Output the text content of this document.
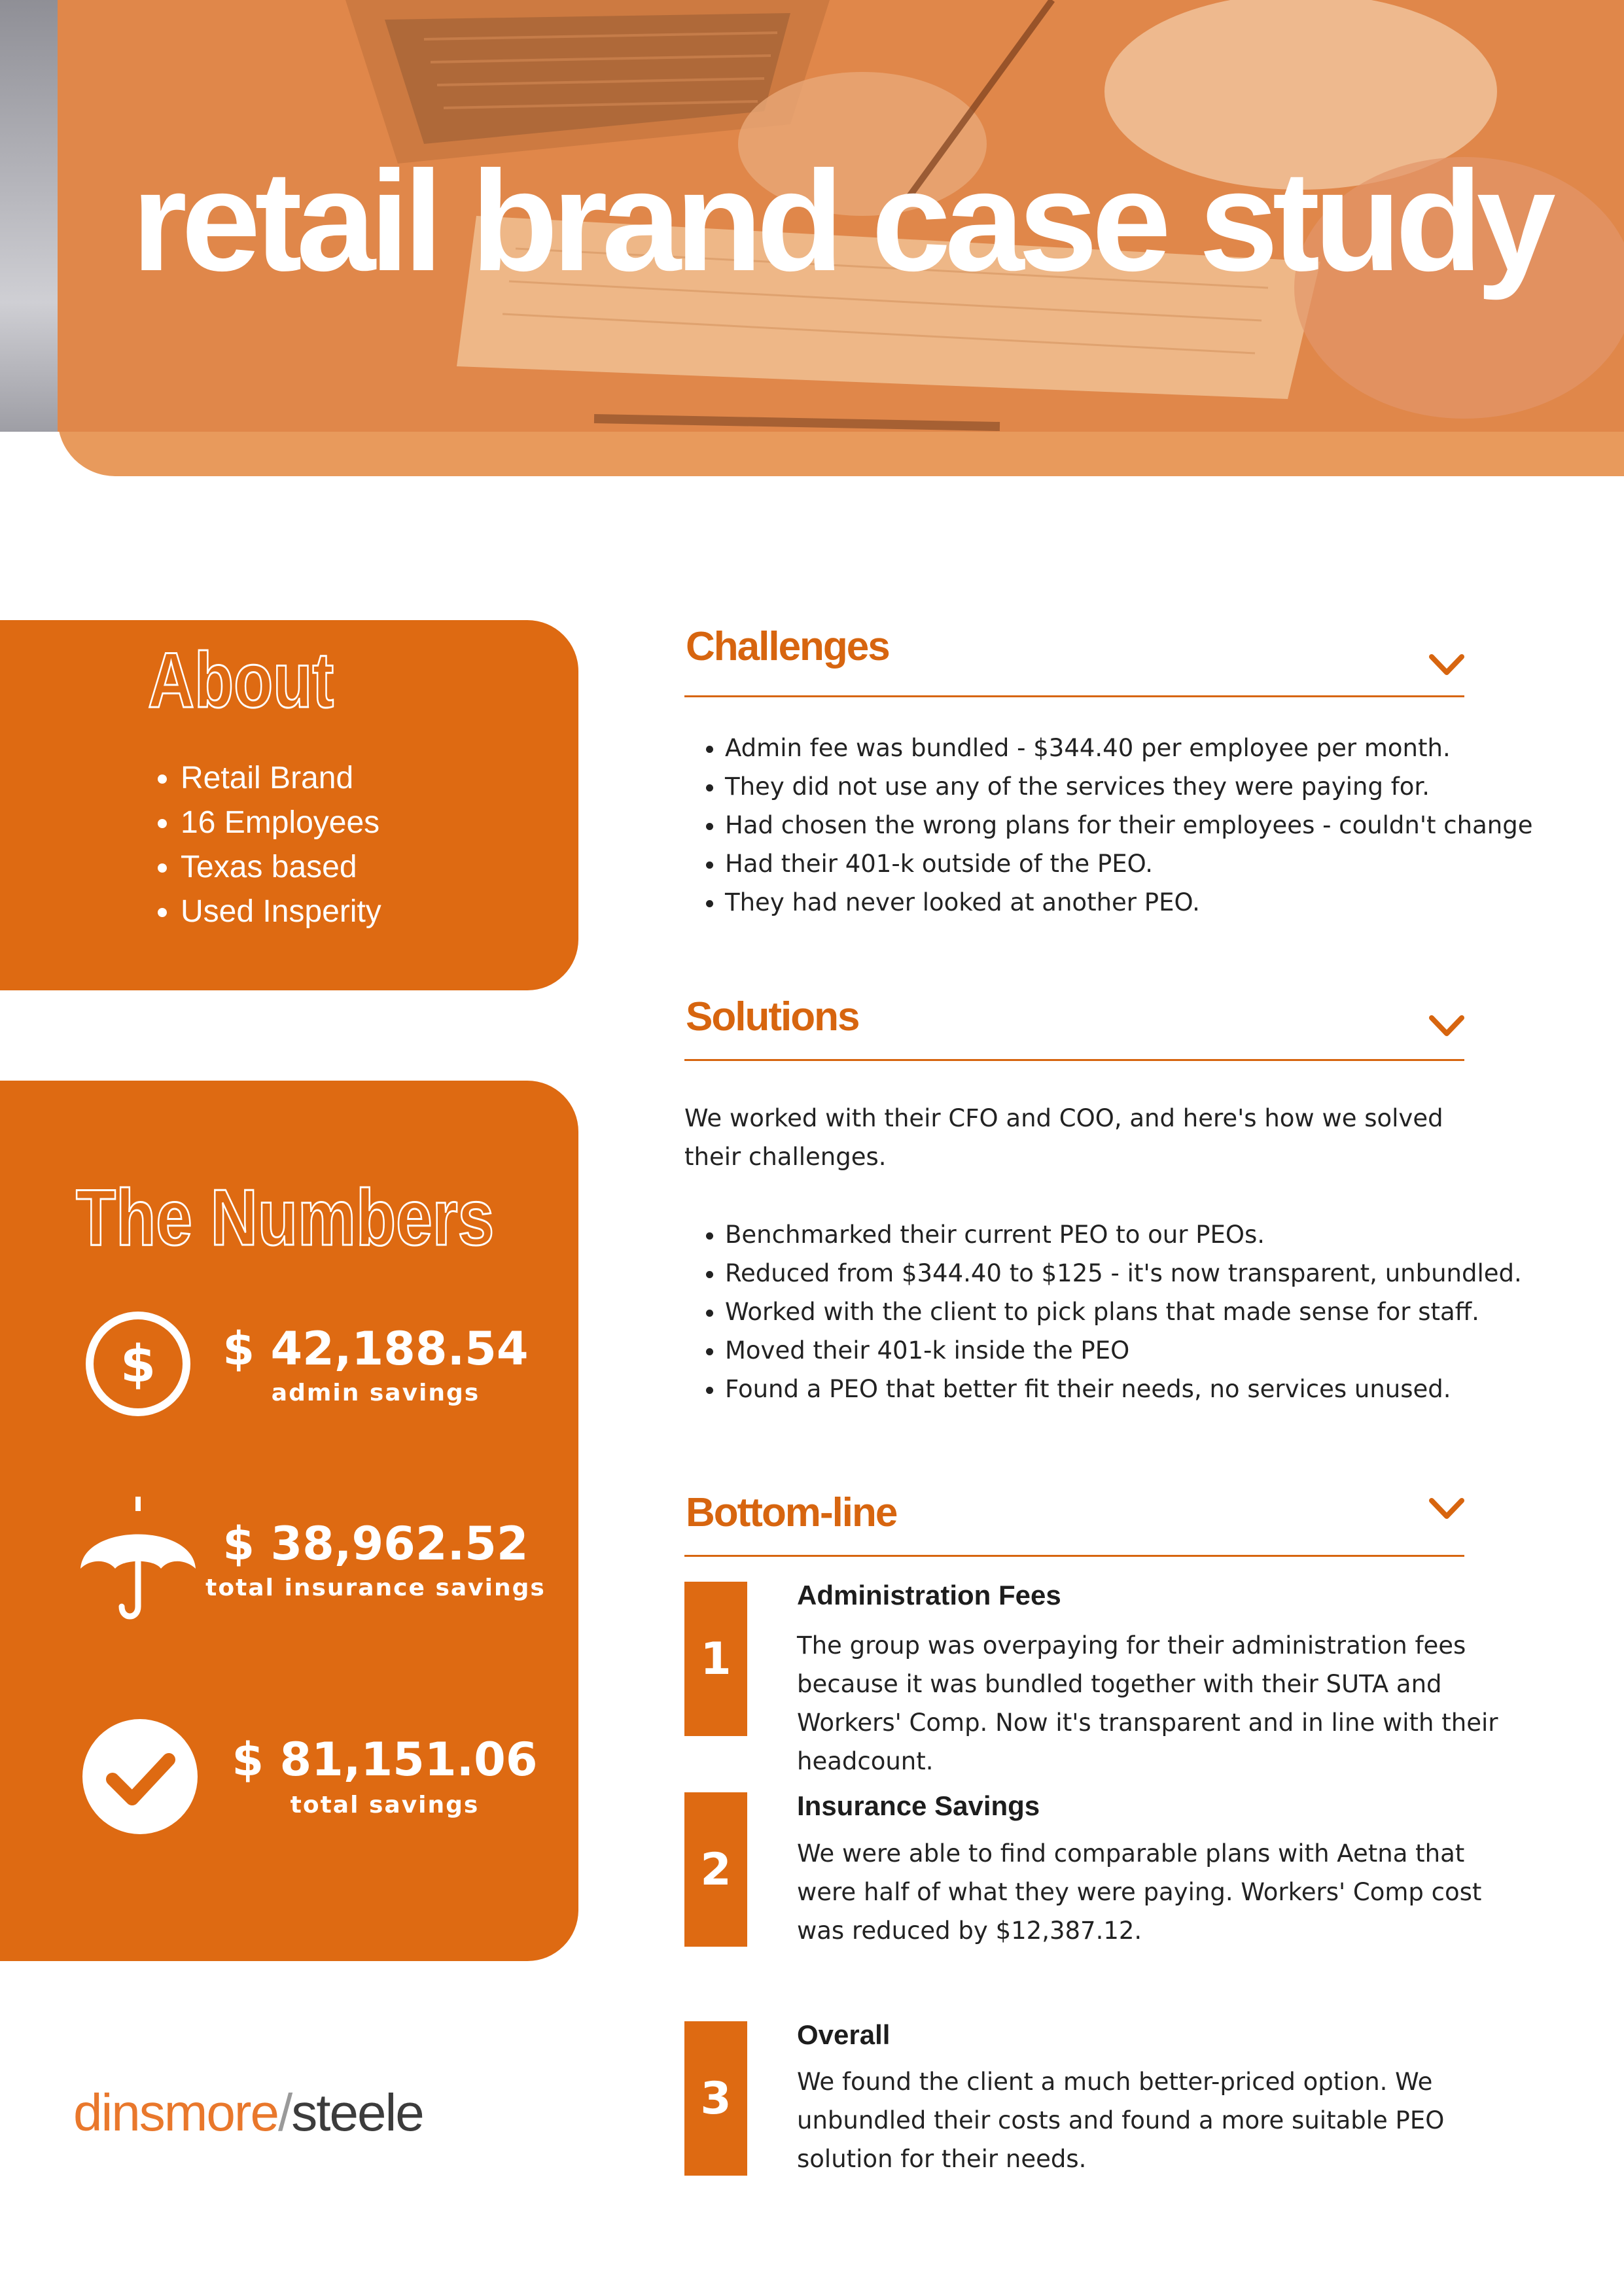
retail brand case study
About
• Retail Brand
• 16 Employees
• Texas based
• Used Insperity
The Numbers
$	$ 42,188.54

admin savings

$ 38,962.52

total insurance savings

$ 81,151.06

total savings

dinsmore/steele

Challenges
• Admin fee was bundled - $344.40 per employee per month.
• They did not use any of the services they were paying for.
• Had chosen the wrong plans for their employees - couldn't change
• Had their 401-k outside of the PEO.
• They had never looked at another PEO.
Solutions

We worked with their CFO and COO, and here's how we solved their challenges.

• Benchmarked their current PEO to our PEOs.
• Reduced from $344.40 to $125 - it's now transparent, unbundled.
• Worked with the client to pick plans that made sense for staff.
• Moved their 401-k inside the PEO
• Found a PEO that better fit their needs, no services unused.
Bottom-line
1
Administration Fees

The group was overpaying for their administration fees because it was bundled together with their SUTA and Workers' Comp. Now it's transparent and in line with their headcount.

2
Insurance Savings

We were able to find comparable plans with Aetna that were half of what they were paying. Workers' Comp cost was reduced by $12,387.12.

3
Overall

We found the client a much better-priced option. We unbundled their costs and found a more suitable PEO solution for their needs.
